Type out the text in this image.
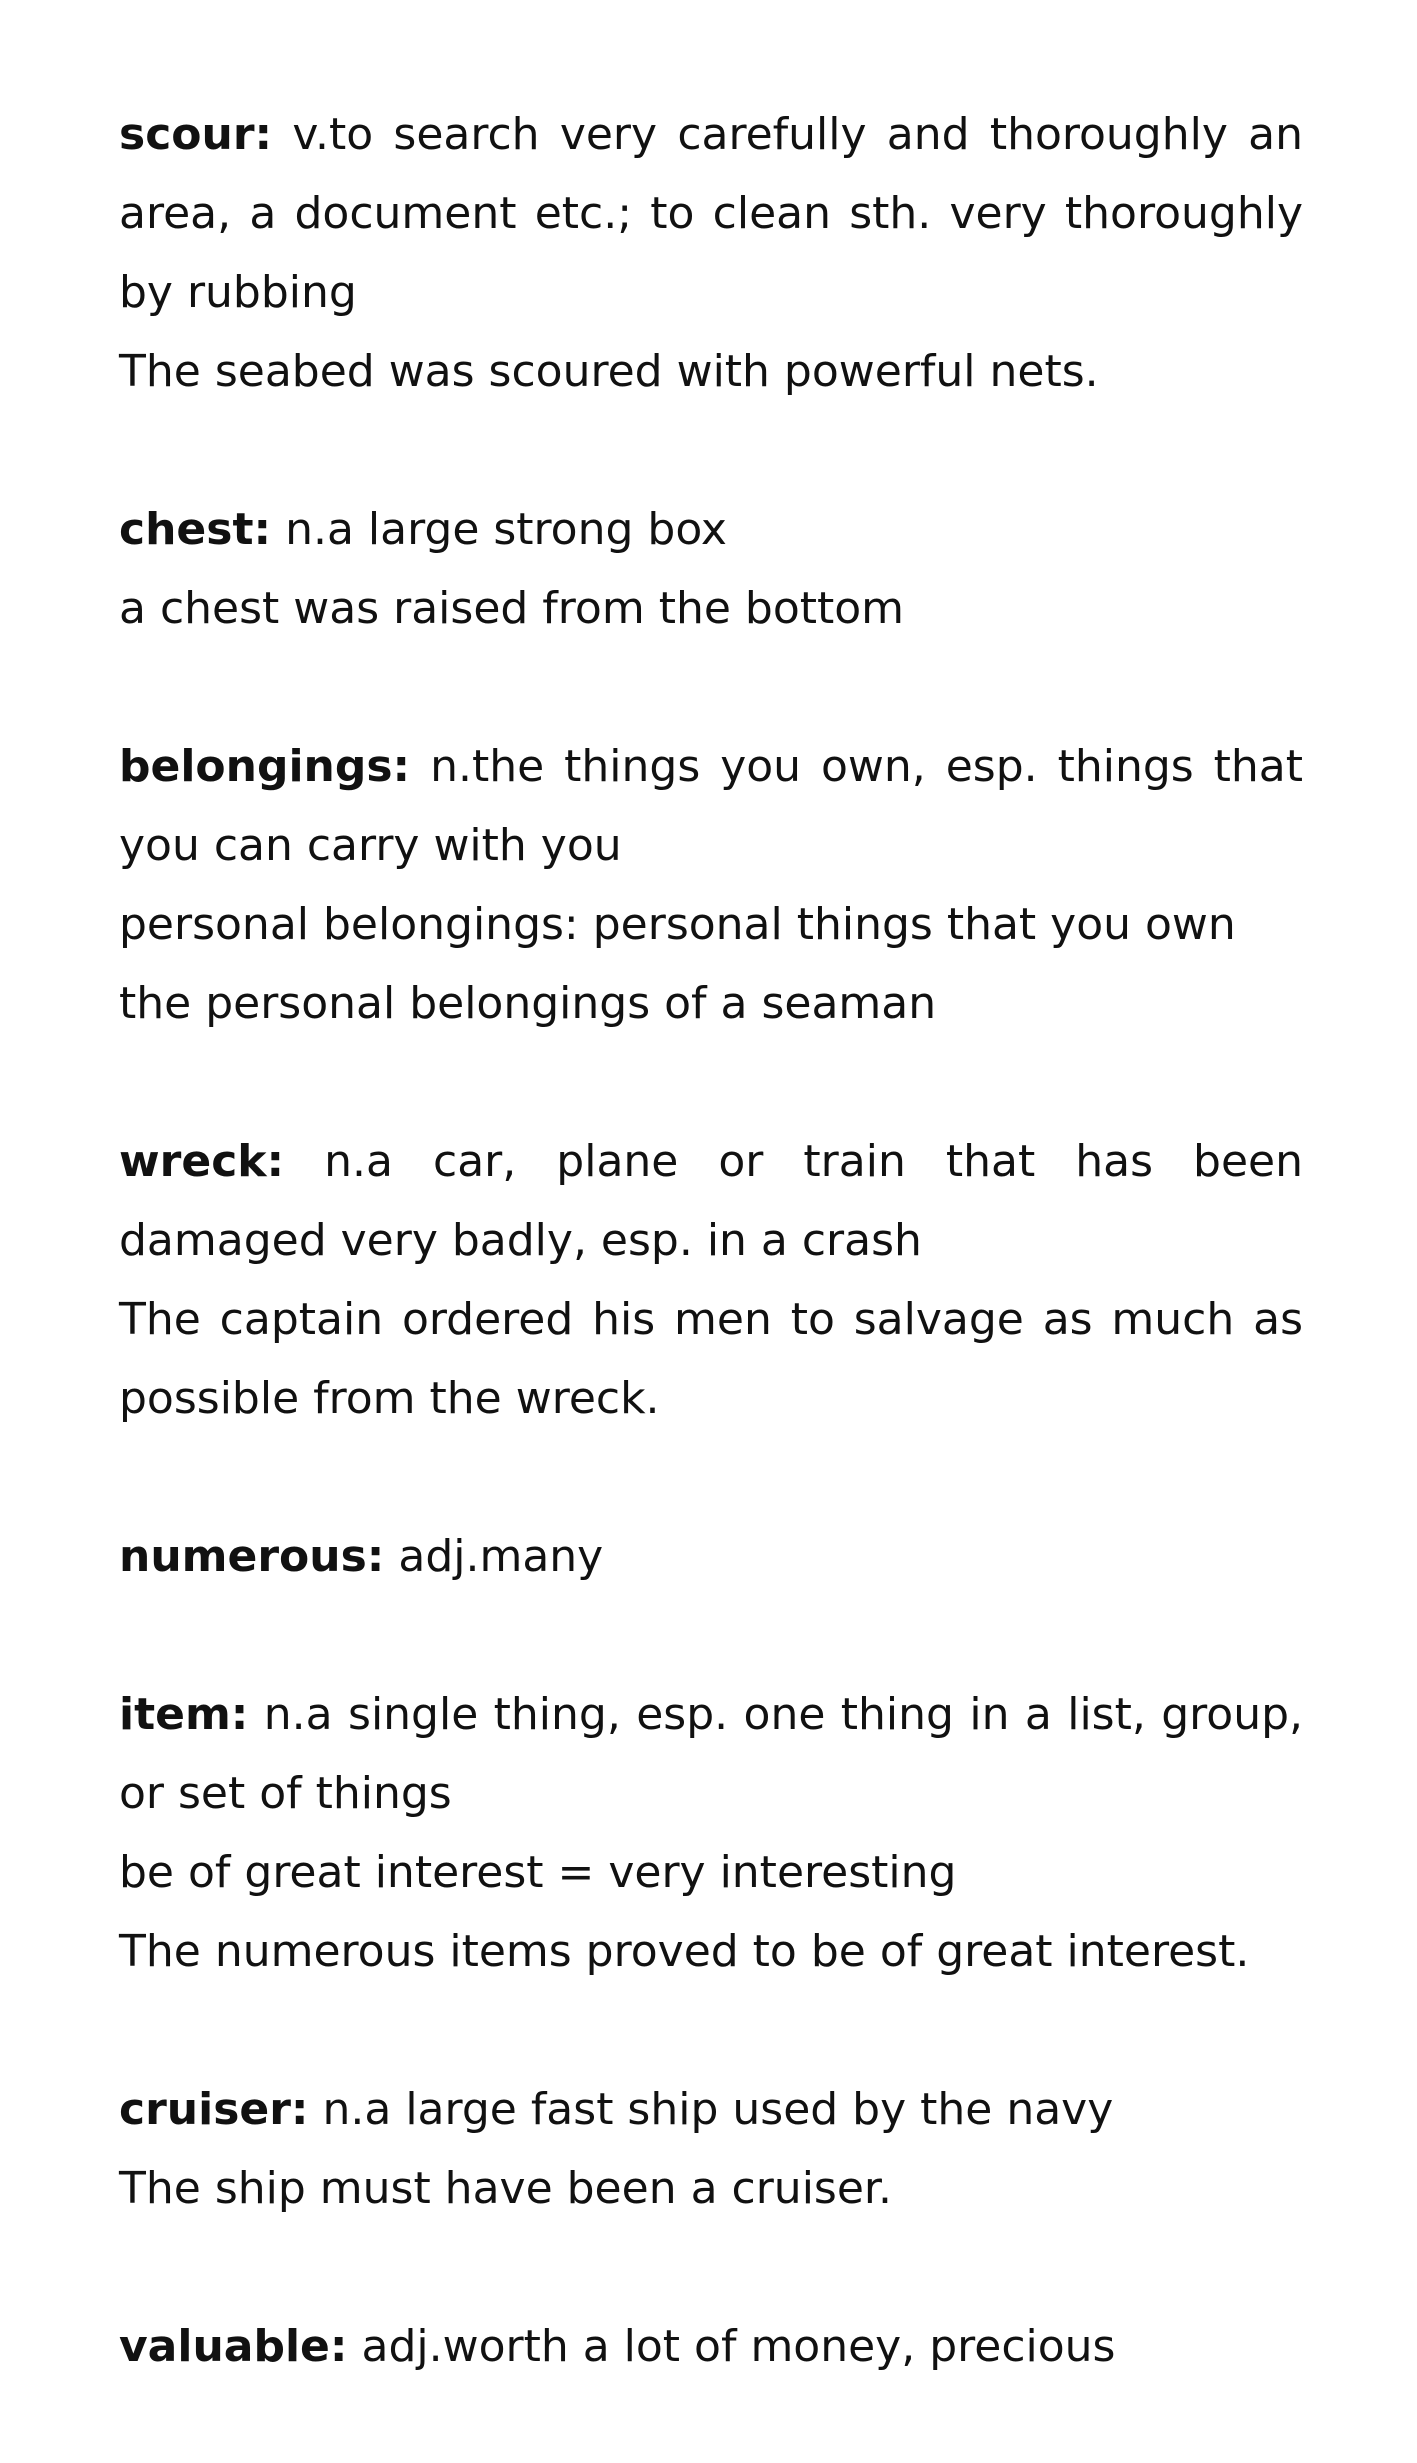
scour: v.to search very carefully and thoroughly an area, a document etc.; to clean sth. very thoroughly by rubbing

The seabed was scoured with powerful nets.

chest: n.a large strong box

a chest was raised from the bottom

belongings: n.the things you own, esp. things that you can carry with you

personal belongings: personal things that you own

the personal belongings of a seaman

wreck: n.a car, plane or train that has been damaged very badly, esp. in a crash

The captain ordered his men to salvage as much as possible from the wreck.

numerous: adj.many

item: n.a single thing, esp. one thing in a list, group, or set of things

be of great interest = very interesting

The numerous items proved to be of great interest.

cruiser: n.a large fast ship used by the navy

The ship must have been a cruiser.

valuable: adj.worth a lot of money, precious
